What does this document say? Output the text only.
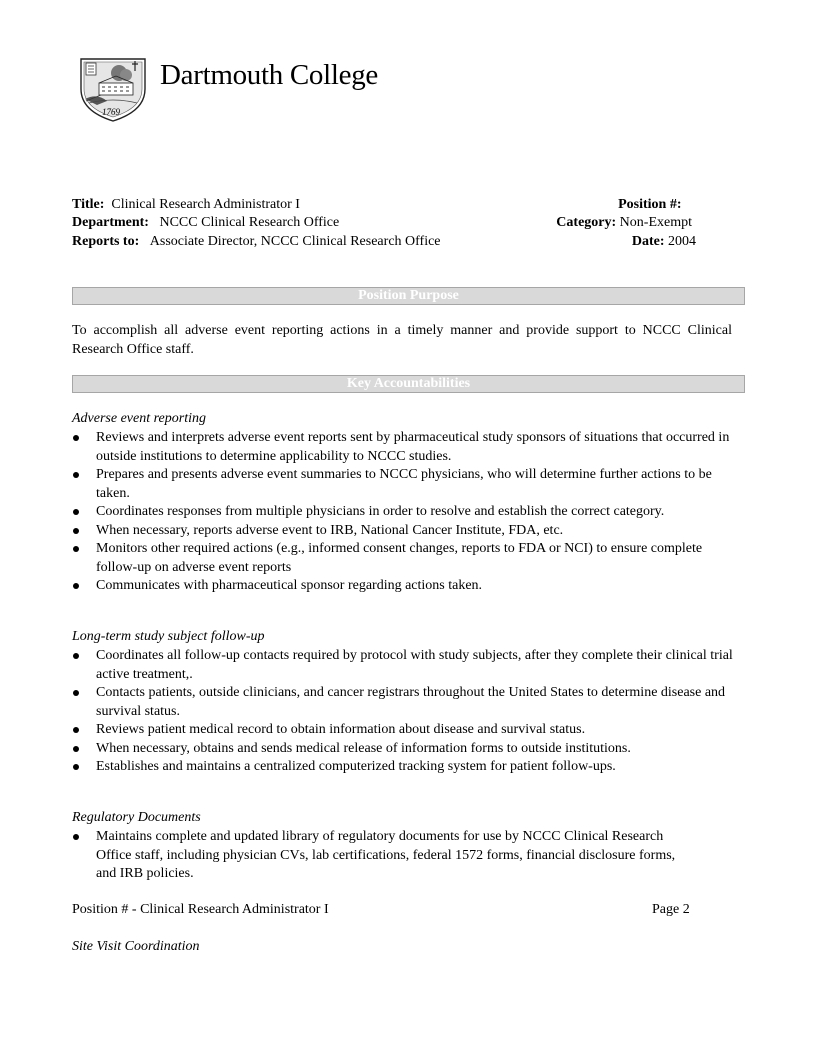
1769
Dartmouth College
Title: Clinical Research Administrator I
Department: NCCC Clinical Research Office
Reports to: Associate Director, NCCC Clinical Research Office
Position #:
Category: Non-Exempt
Date: 2004
Position Purpose
To accomplish all adverse event reporting actions in a timely manner and provide support to NCCC Clinical Research Office staff.
Key Accountabilities
Adverse event reporting
Reviews and interprets adverse event reports sent by pharmaceutical study sponsors of situations that occurred in outside institutions to determine applicability to NCCC studies.
Prepares and presents adverse event summaries to NCCC physicians, who will determine further actions to be taken.
Coordinates responses from multiple physicians in order to resolve and establish the correct category.
When necessary, reports adverse event to IRB, National Cancer Institute, FDA, etc.
Monitors other required actions (e.g., informed consent changes, reports to FDA or NCI) to ensure complete follow-up on adverse event reports
Communicates with pharmaceutical sponsor regarding actions taken.
Long-term study subject follow-up
Coordinates all follow-up contacts required by protocol with study subjects, after they complete their clinical trial active treatment,.
Contacts patients, outside clinicians, and cancer registrars throughout the United States to determine disease and survival status.
Reviews patient medical record to obtain information about disease and survival status.
When necessary, obtains and sends medical release of information forms to outside institutions.
Establishes and maintains a centralized computerized tracking system for patient follow-ups.
Regulatory Documents
Maintains complete and updated library of regulatory documents for use by NCCC Clinical Research Office staff, including physician CVs, lab certifications, federal 1572 forms, financial disclosure forms, and IRB policies.
Position # - Clinical Research Administrator I	Page 2
Site Visit Coordination
